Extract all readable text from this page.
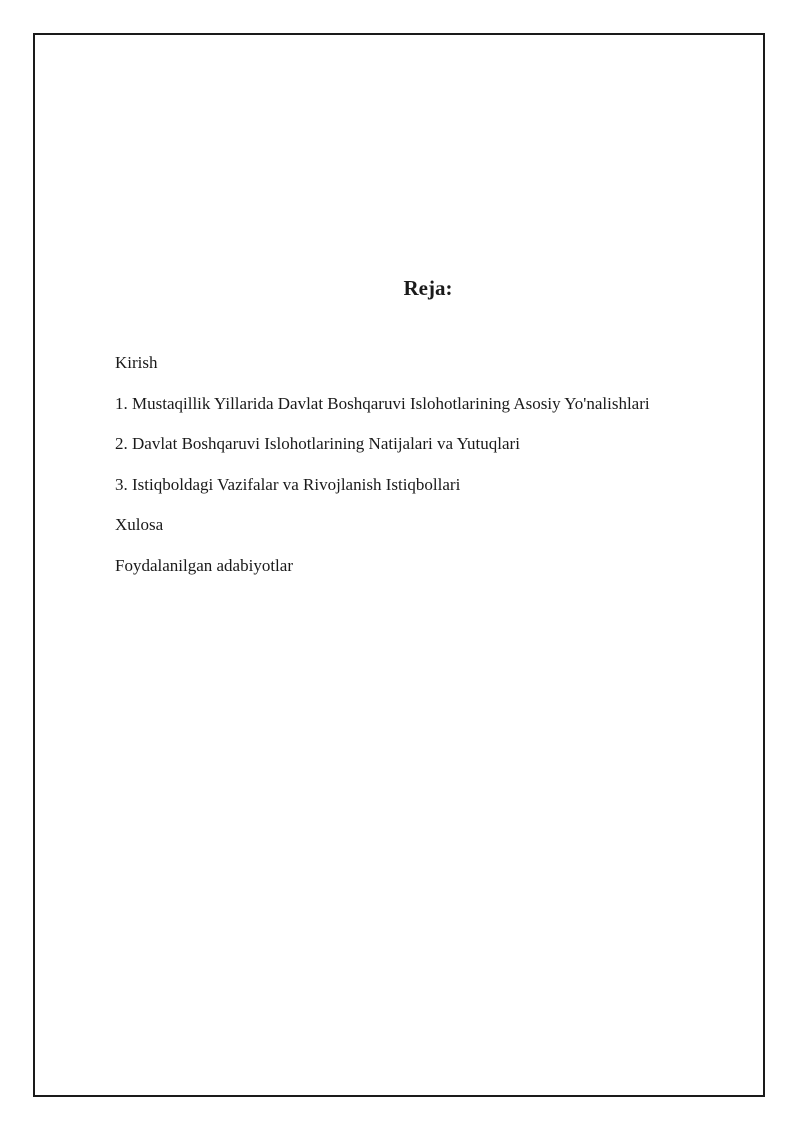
Reja:
Kirish
1. Mustaqillik Yillarida Davlat Boshqaruvi Islohotlarining Asosiy Yo'nalishlari
2. Davlat Boshqaruvi Islohotlarining Natijalari va Yutuqlari
3. Istiqboldagi Vazifalar va Rivojlanish Istiqbollari
Xulosa
Foydalanilgan adabiyotlar
